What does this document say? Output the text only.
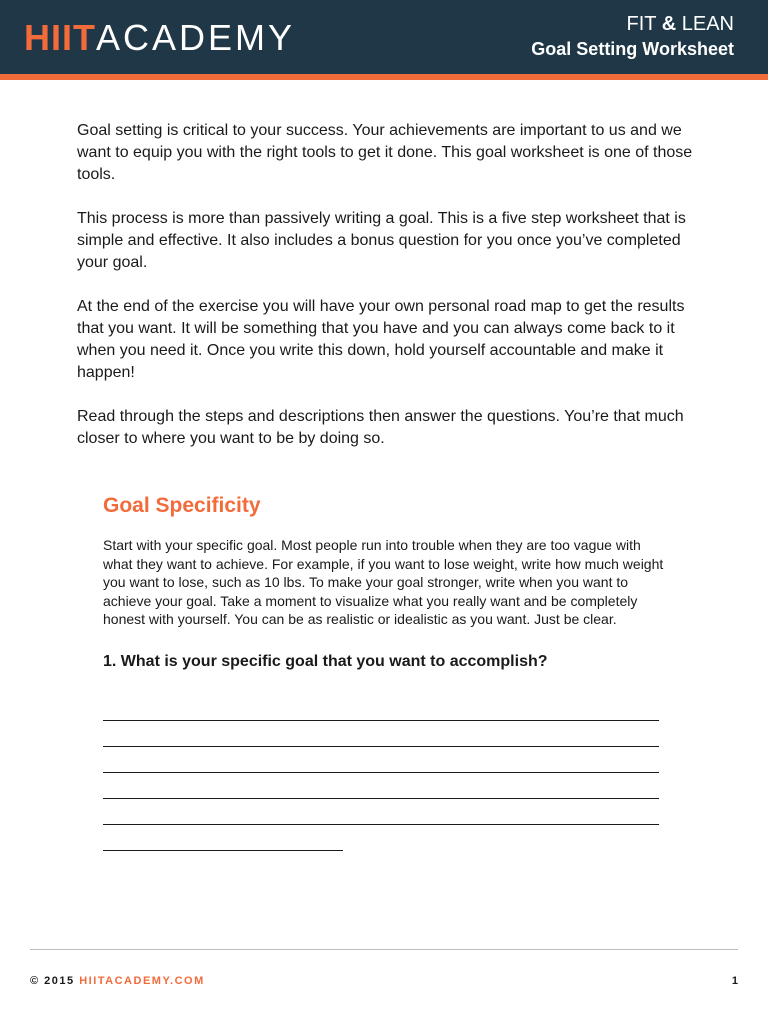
HIITACADEMY	FIT & LEAN
Goal Setting Worksheet

Goal setting is critical to your success. Your achievements are important to us and we want to equip you with the right tools to get it done. This goal worksheet is one of those tools.

This process is more than passively writing a goal. This is a five step worksheet that is simple and effective. It also includes a bonus question for you once you’ve completed your goal.

At the end of the exercise you will have your own personal road map to get the results that you want. It will be something that you have and you can always come back to it when you need it. Once you write this down, hold yourself accountable and make it happen!

Read through the steps and descriptions then answer the questions. You’re that much closer to where you want to be by doing so.

Goal Specificity

Start with your specific goal. Most people run into trouble when they are too vague with what they want to achieve. For example, if you want to lose weight, write how much weight you want to lose, such as 10 lbs. To make your goal stronger, write when you want to achieve your goal. Take a moment to visualize what you really want and be completely honest with yourself. You can be as realistic or idealistic as you want. Just be clear.

1. What is your specific goal that you want to accomplish?
© 2015 HIITACADEMY.COM	1
